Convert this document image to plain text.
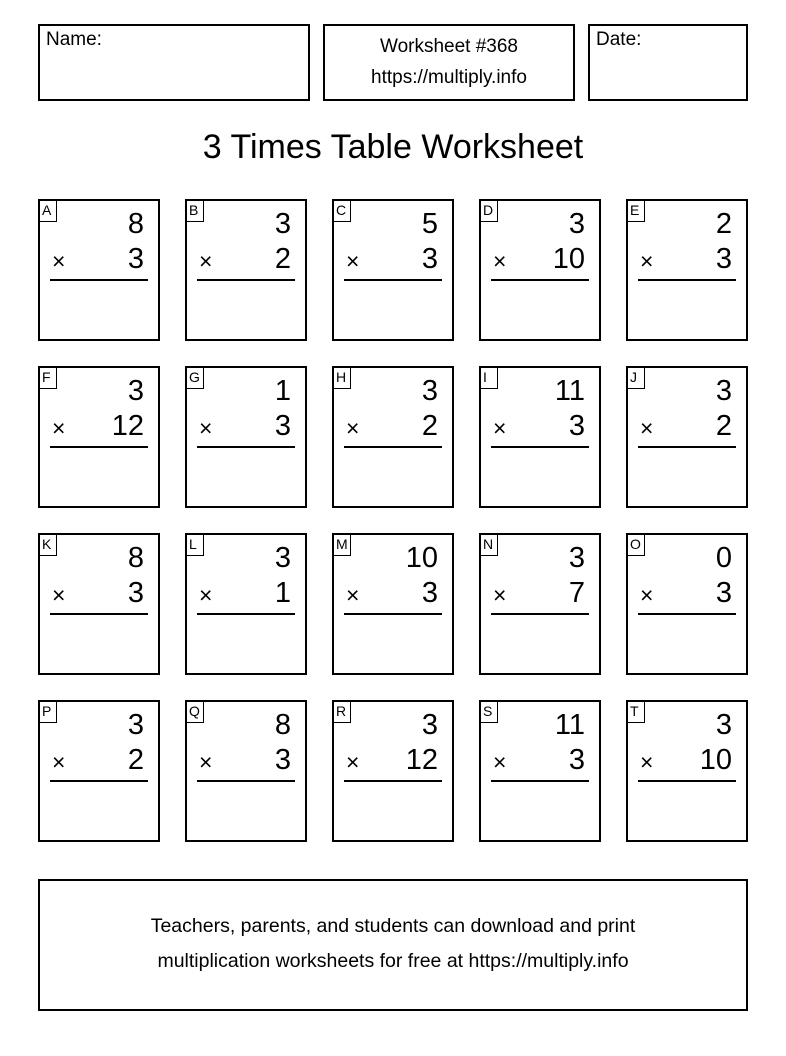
Name:	Worksheet #368
https://multiply.info
Date:
3 Times Table Worksheet
A	8
× 3
B	3
× 2
C	5
× 3
D	3
× 10
E	2
× 3
F	3
× 12
G	1
× 3
H	3
× 2
I	11
× 3
J	3
× 2
K	8
× 3
L	3
× 1
M 10
× 3
N	3
× 7
O	0
× 3
P	3
× 2
Q	8
× 3
R	3
× 12
S 11
× 3
T	3
× 10
Teachers, parents, and students can download and print
multiplication worksheets for free at https://multiply.info
